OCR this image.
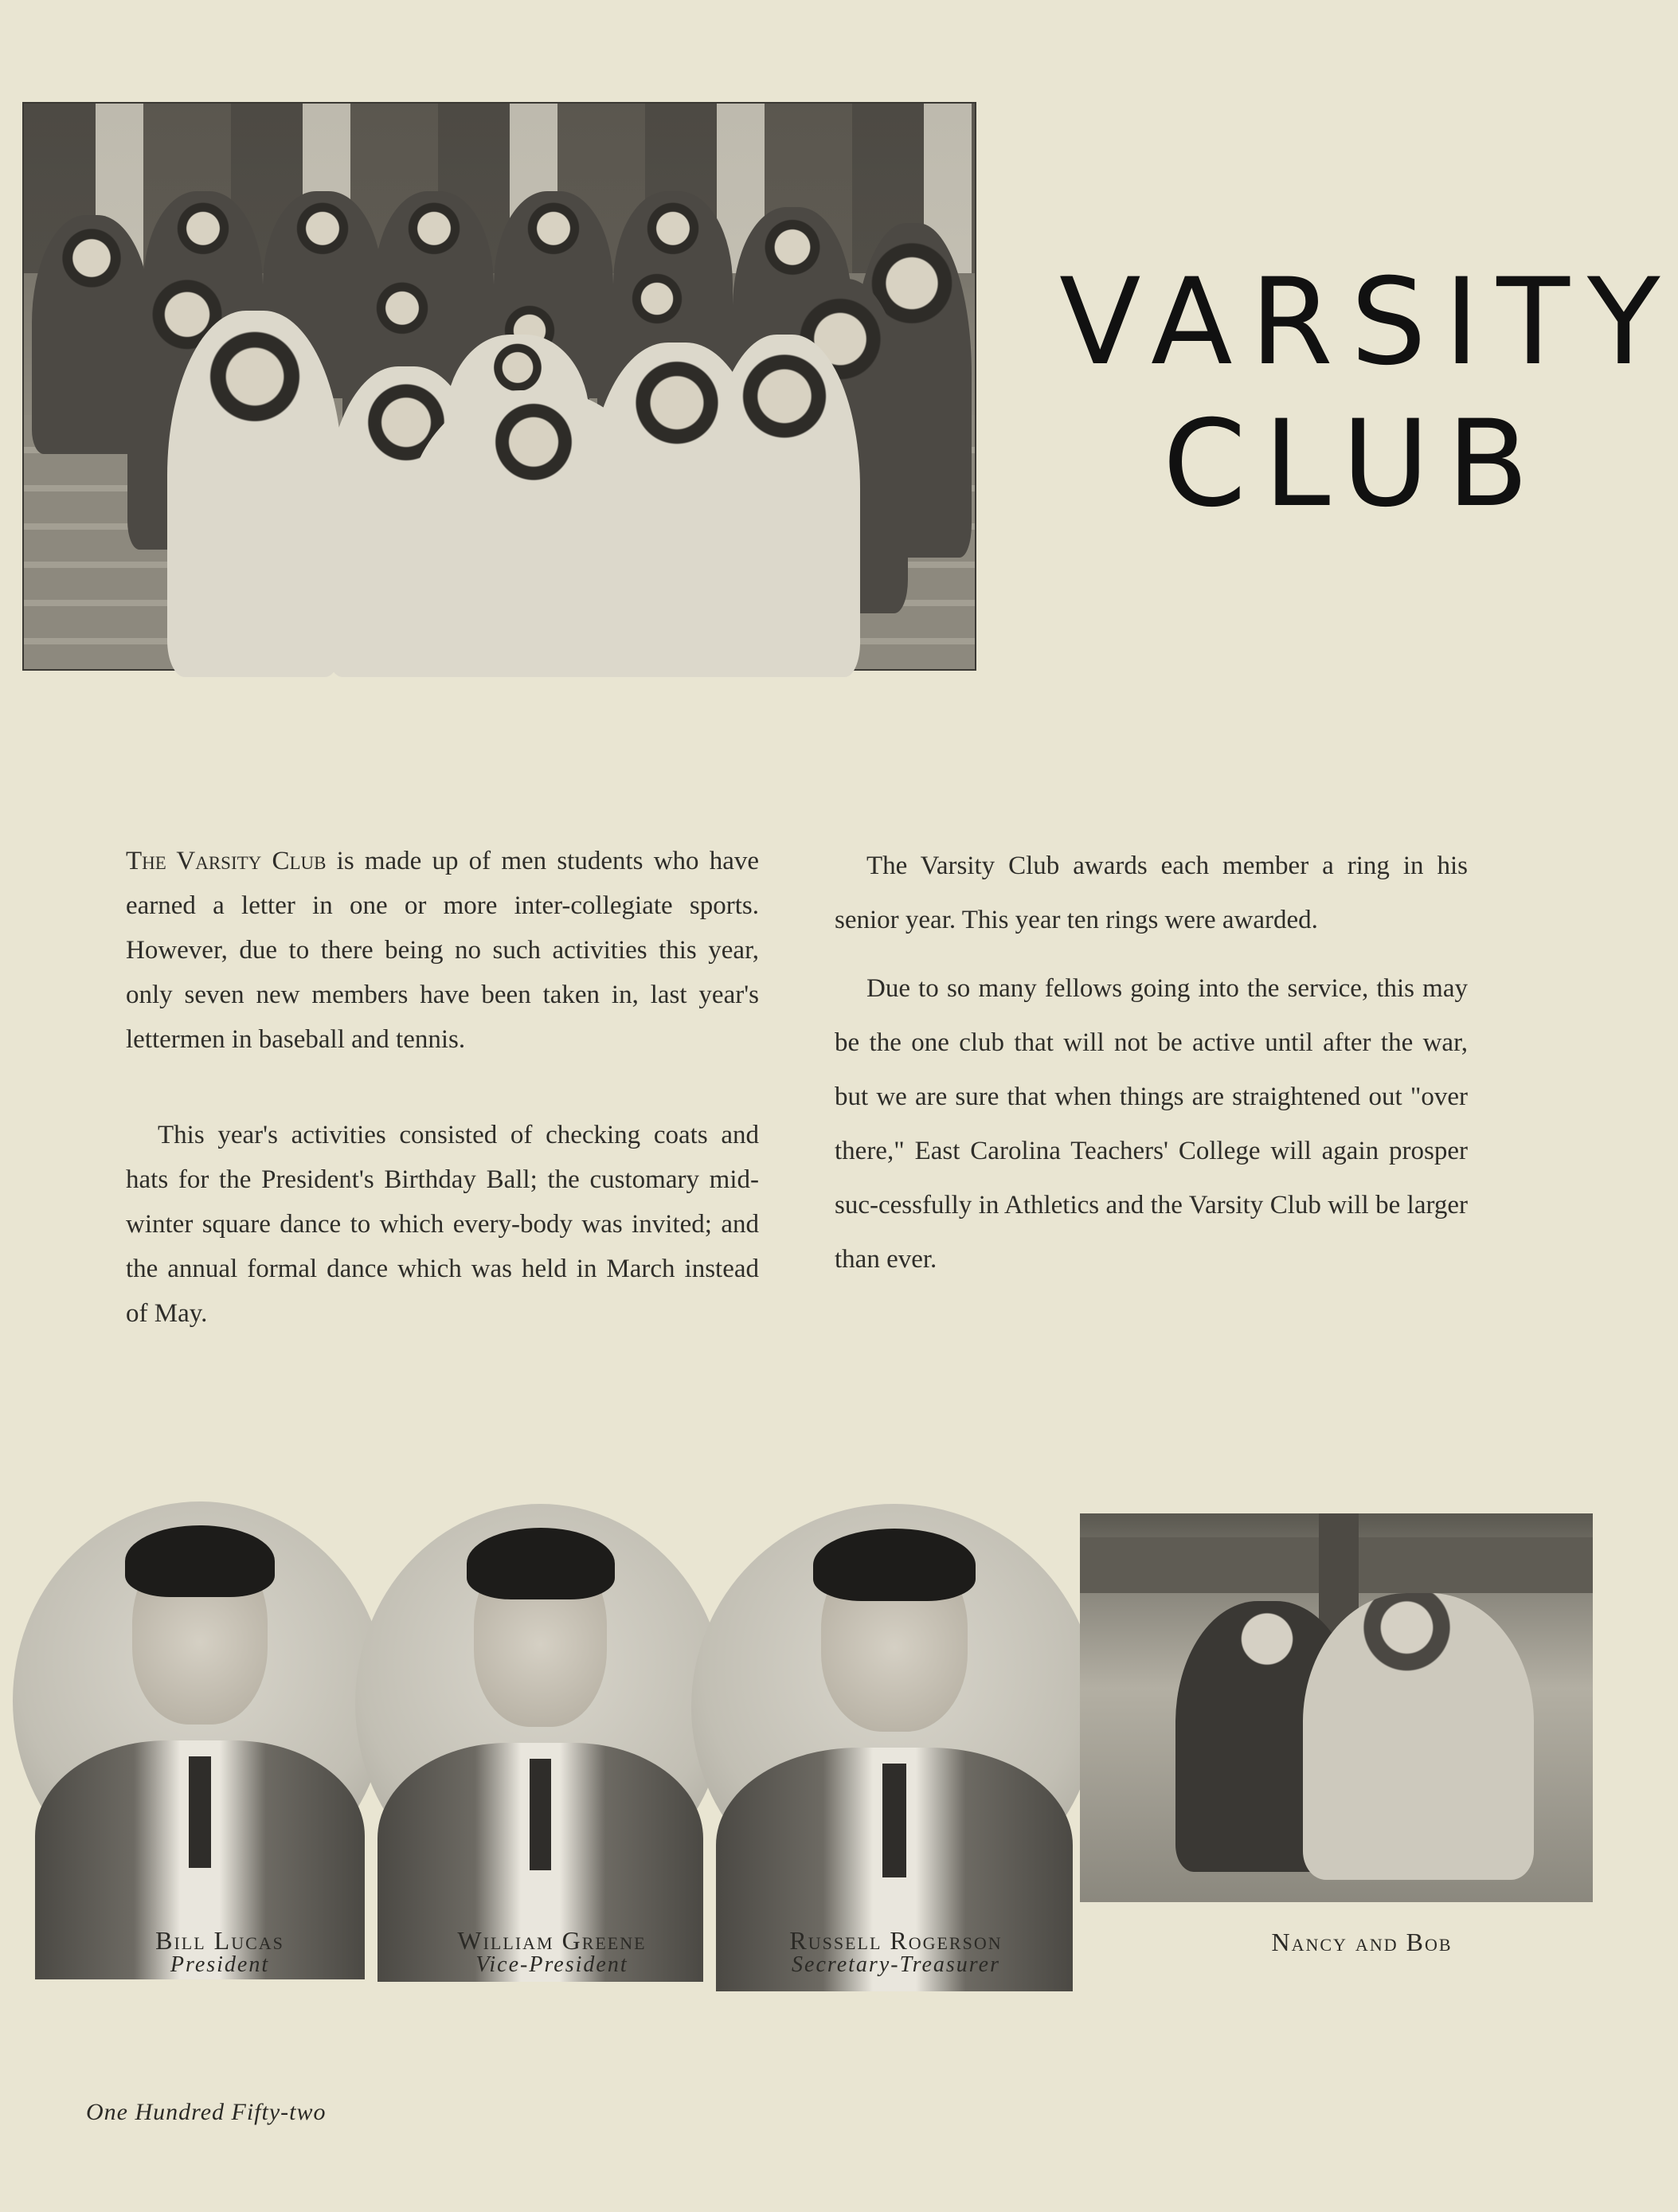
VARSITY
CLUB

The Varsity Club is made up of men students who have earned a letter in one or more inter-collegiate sports. However, due to there being no such activities this year, only seven new members have been taken in, last year's lettermen in baseball and tennis.

This year's activities consisted of checking coats and hats for the President's Birthday Ball; the customary mid-winter square dance to which every-body was invited; and the annual formal dance which was held in March instead of May.

The Varsity Club awards each member a ring in his senior year. This year ten rings were awarded.

Due to so many fellows going into the service, this may be the one club that will not be active until after the war, but we are sure that when things are straightened out "over there," East Carolina Teachers' College will again prosper suc-cessfully in Athletics and the Varsity Club will be larger than ever.

Bill Lucas
President
William Greene
Vice-President
Russell Rogerson
Secretary-Treasurer
Nancy and Bob
One Hundred Fifty-two
